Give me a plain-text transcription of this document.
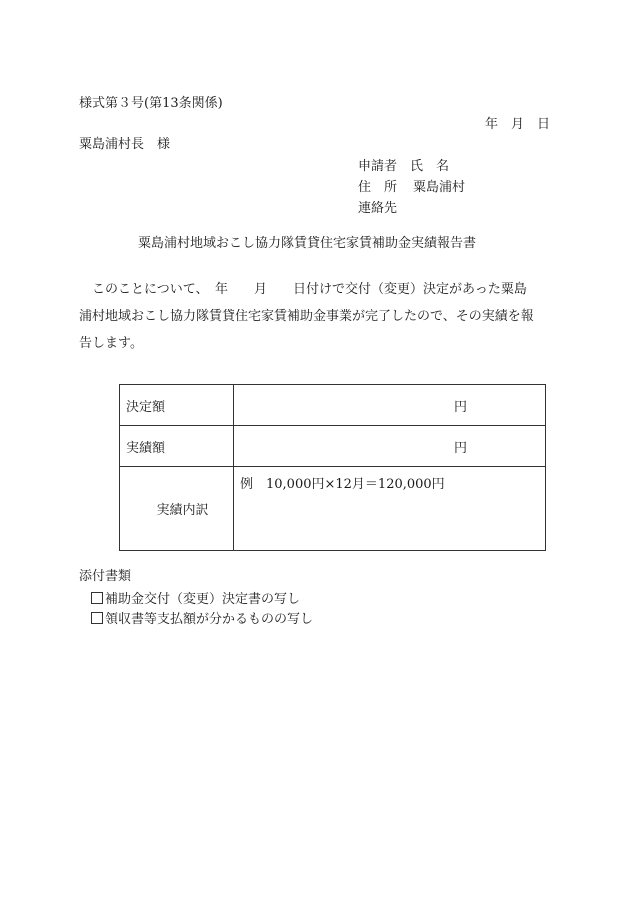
様式第３号(第13条関係)
年 月 日
粟島浦村長　様
申請者　氏　名
住　所	粟島浦村
連絡先
粟島浦村地域おこし協力隊賃貸住宅家賃補助金実績報告書

このことについて、　年　　月　　日付けで交付（変更）決定があった粟島

浦村地域おこし協力隊賃貸住宅家賃補助金事業が完了したので、その実績を報

告します。

決定額	円
実績額	円
実績内訳	例　10,000円×12月＝120,000円
添付書類
補助金交付（変更）決定書の写し
領収書等支払額が分かるものの写し
